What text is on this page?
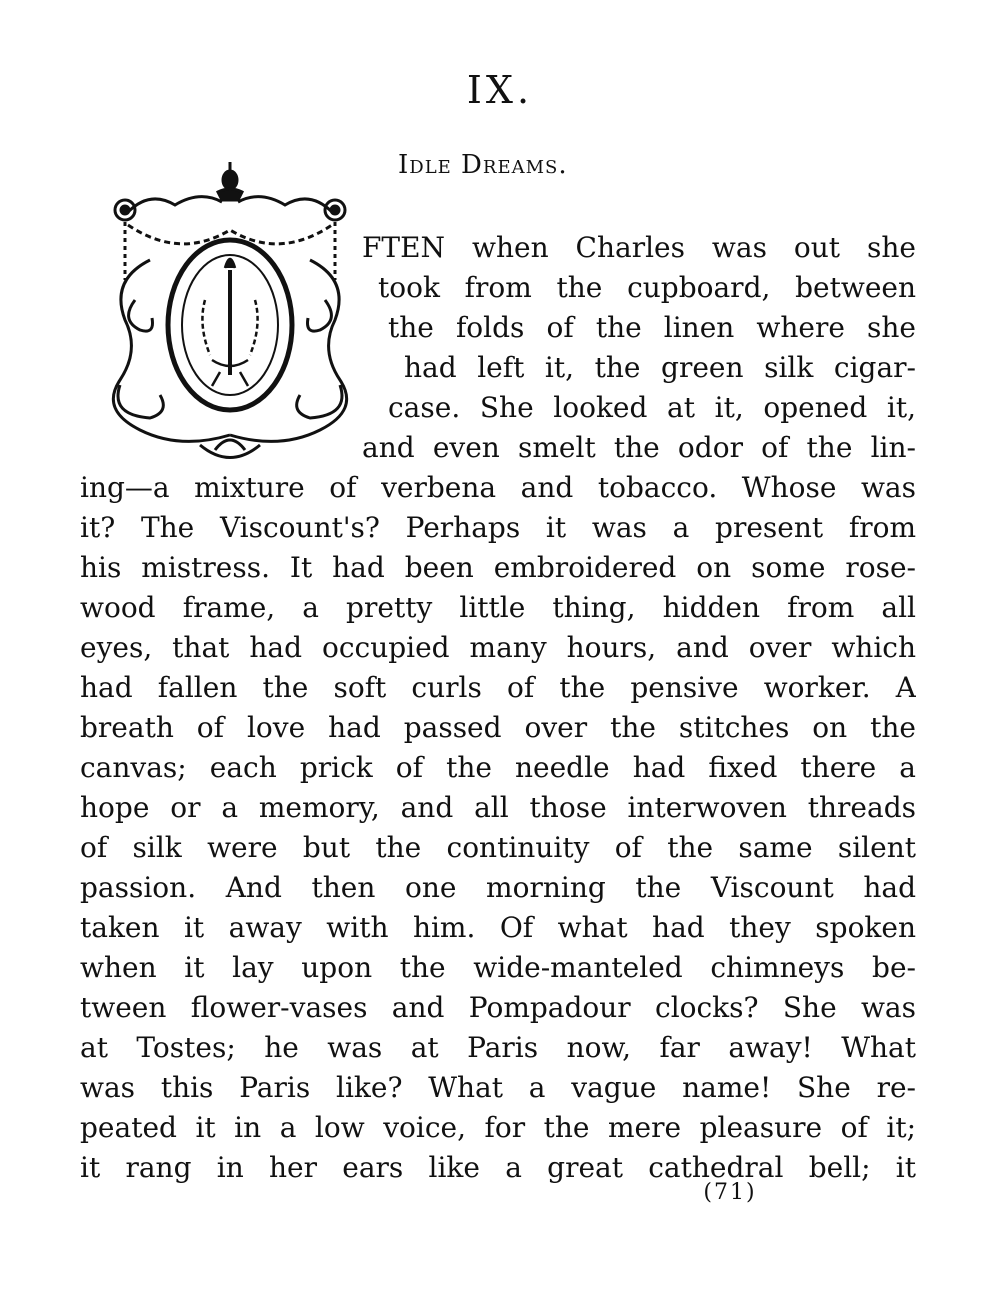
IX.
Idle Dreams.
FTEN when Charles was out she
took from the cupboard, between
the folds of the linen where she
had left it, the green silk cigar-
case. She looked at it, opened it,
and even smelt the odor of the lin-
ing—a mixture of verbena and tobacco. Whose was
it? The Viscount's? Perhaps it was a present from
his mistress. It had been embroidered on some rose-
wood frame, a pretty little thing, hidden from all
eyes, that had occupied many hours, and over which
had fallen the soft curls of the pensive worker. A
breath of love had passed over the stitches on the
canvas; each prick of the needle had fixed there a
hope or a memory, and all those interwoven threads
of silk were but the continuity of the same silent
passion. And then one morning the Viscount had
taken it away with him. Of what had they spoken
when it lay upon the wide-manteled chimneys be-
tween flower-vases and Pompadour clocks? She was
at Tostes; he was at Paris now, far away! What
was this Paris like? What a vague name! She re-
peated it in a low voice, for the mere pleasure of it;
it rang in her ears like a great cathedral bell; it
(71)
